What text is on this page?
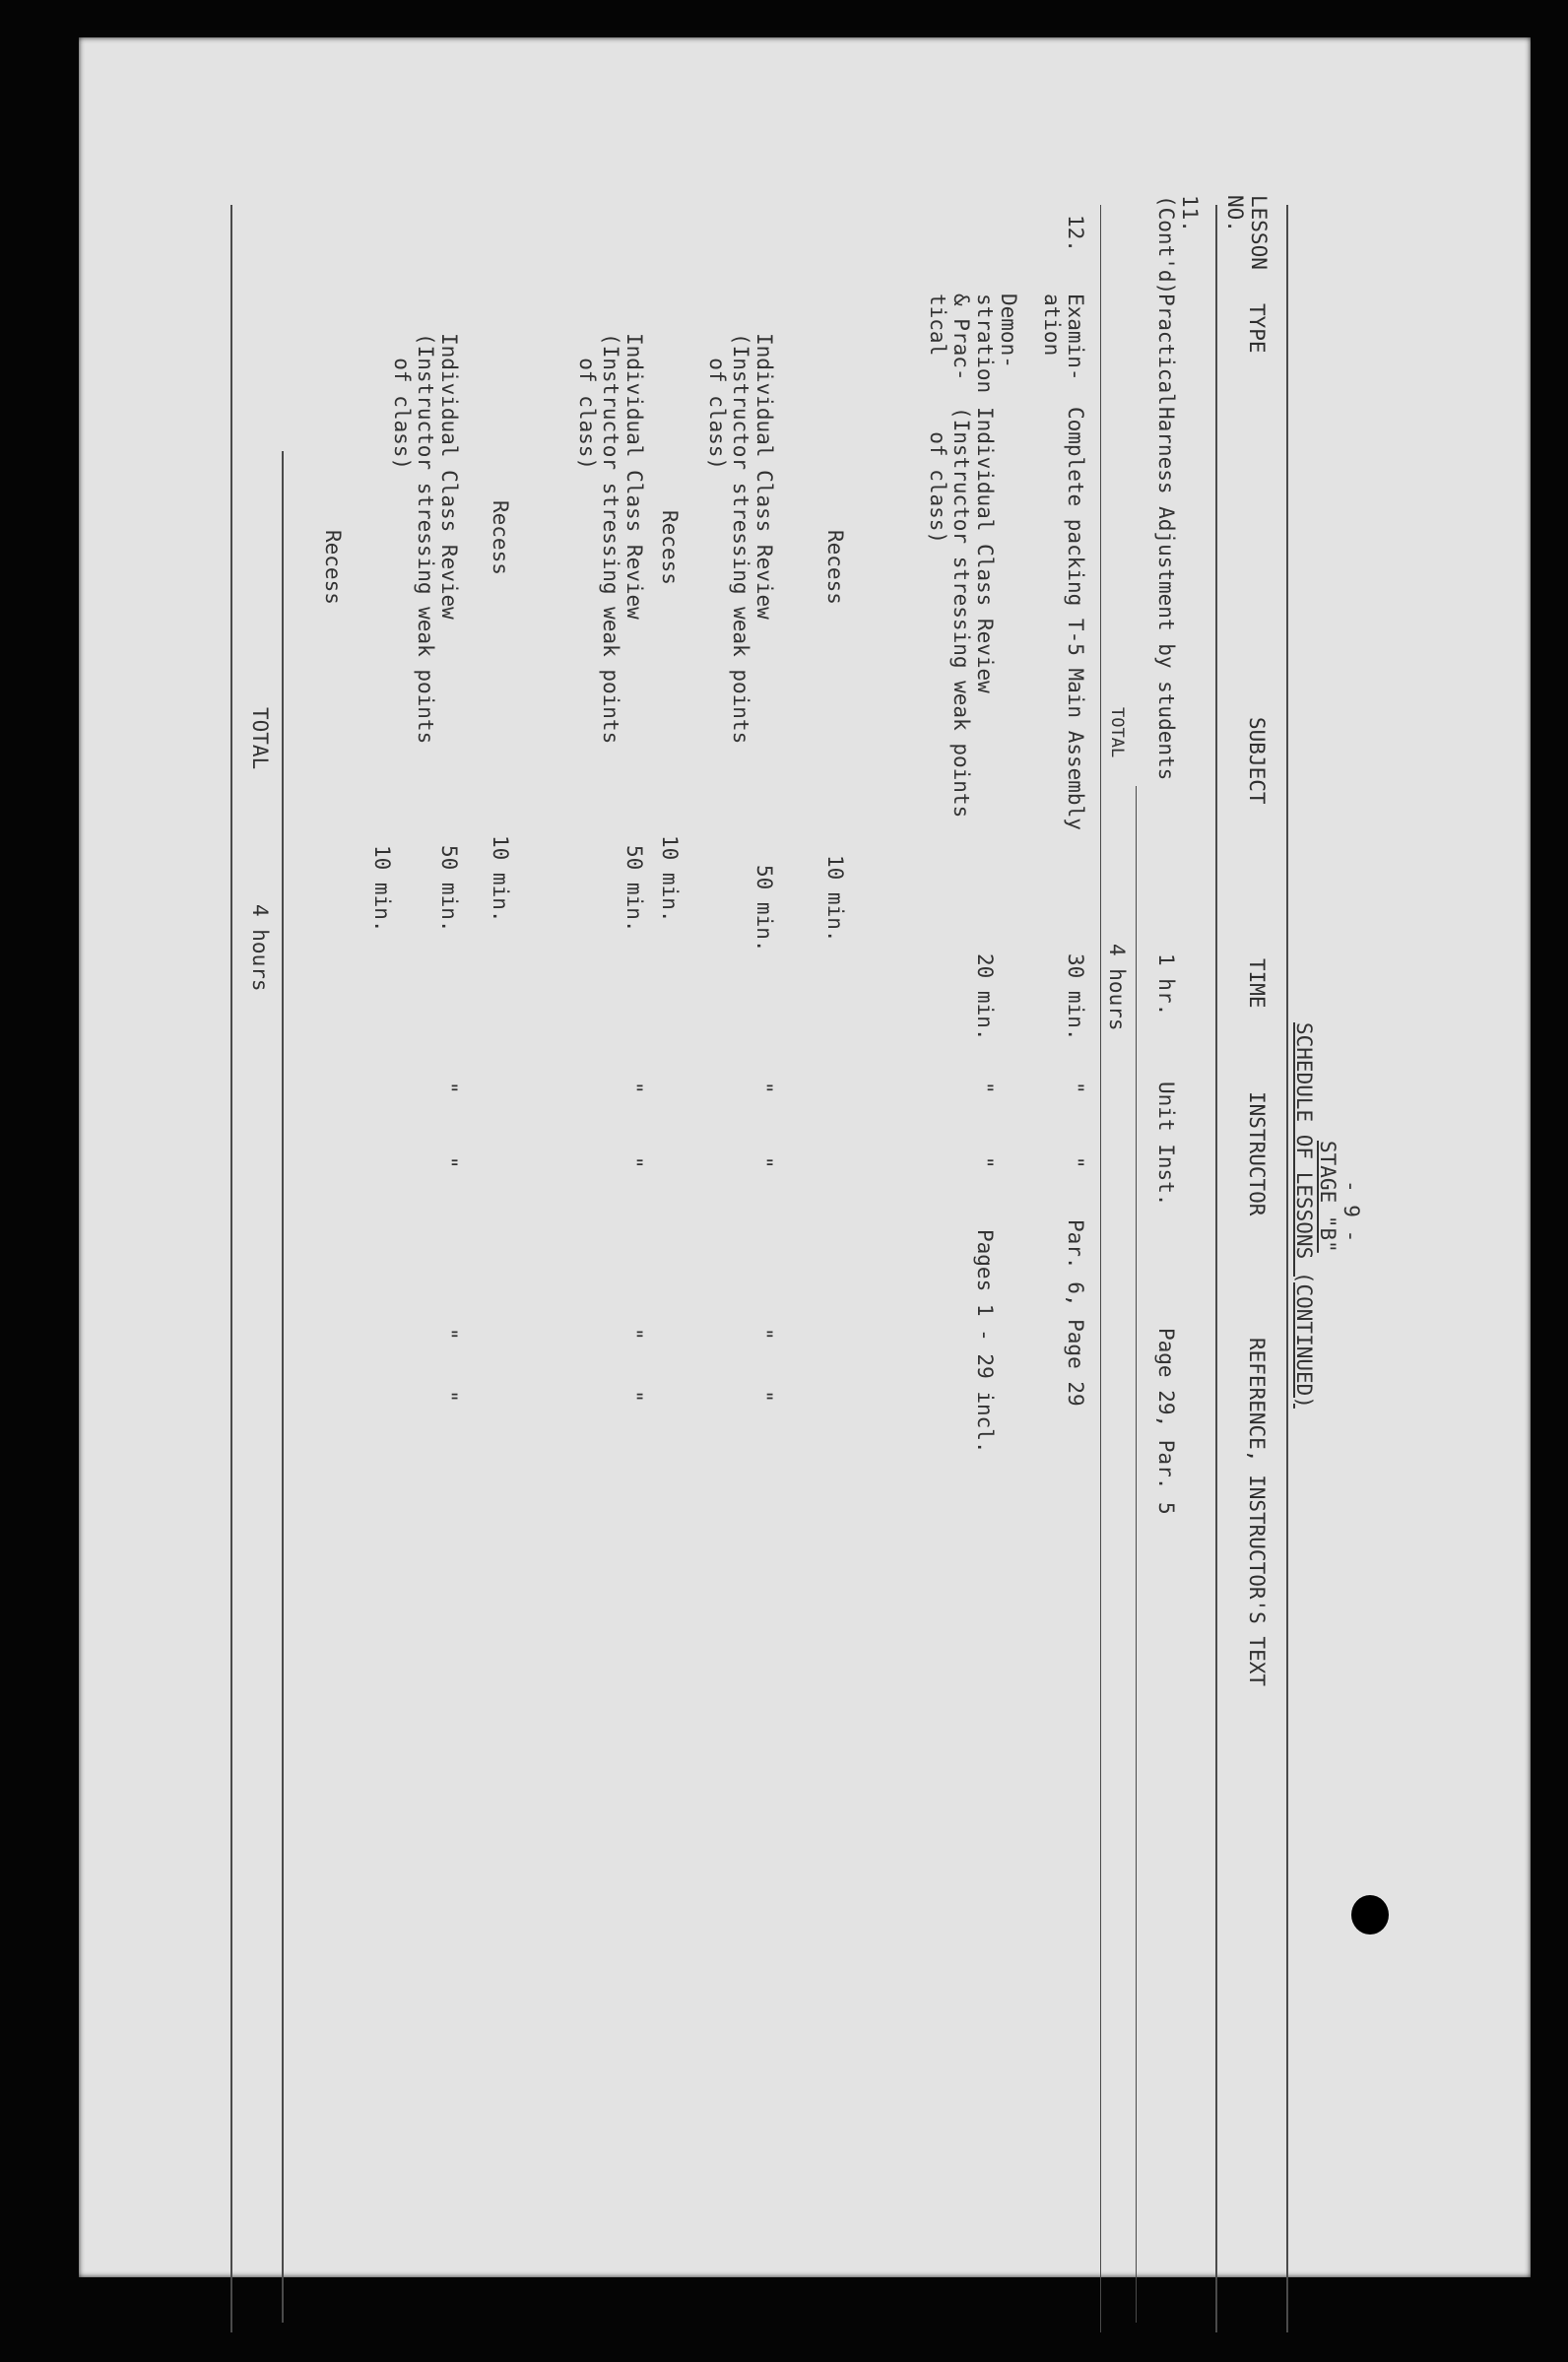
- 9 -
STAGE "B"
SCHEDULE OF LESSONS (CONTINUED)
LESSON
NO.
TYPE
SUBJECT
TIME
INSTRUCTOR
REFERENCE, INSTRUCTOR'S TEXT
11.
(Cont'd)
Practical
Harness Adjustment by students
1 hr.
Unit Inst.
Page 29, Par. 5
TOTAL
4 hours
12.
Examin-
ation
Complete packing T-5 Main Assembly
30 min.
"     "
Par. 6, Page 29
Demon-
stration
& Prac-
tical
Individual Class Review
(Instructor stressing weak points
of class)
20 min.
"     "
Pages 1 - 29 incl.
Recess
10 min.
Individual Class Review
(Instructor stressing weak points
of class)
50 min.
"     "
"    "
Recess
10 min.
Individual Class Review
(Instructor stressing weak points
of class)
50 min.
"     "
"    "
Recess
10 min.
Individual Class Review
(Instructor stressing weak points
of class)
50 min.
"     "
"    "
Recess
10 min.
TOTAL
4 hours
